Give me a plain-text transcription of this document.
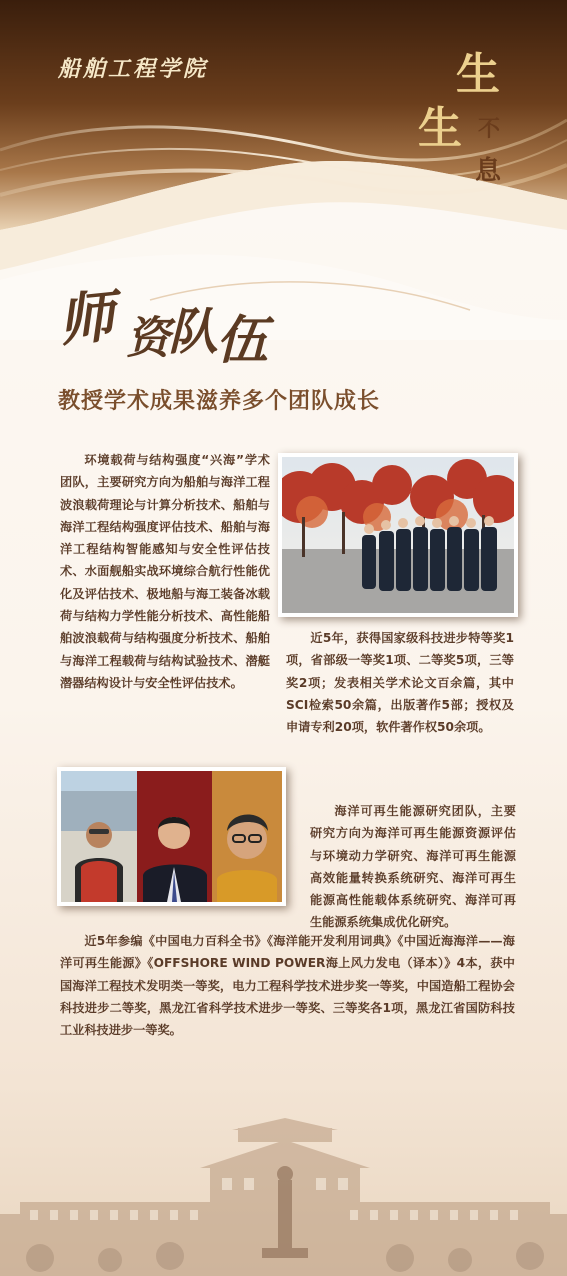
船舶工程学院	生
生 不
息
师 资
队
伍
教授学术成果滋养多个团队成长
环境载荷与结构强度“兴海”学术团队，主要研究方向为船舶与海洋工程波浪载荷理论与计算分析技术、船舶与海洋工程结构强度评估技术、船舶与海洋工程结构智能感知与安全性评估技术、水面舰船实战环境综合航行性能优化及评估技术、极地船与海工装备冰载荷与结构力学性能分析技术、高性能船舶波浪载荷与结构强度分析技术、船舶与海洋工程载荷与结构试验技术、潜艇潜器结构设计与安全性评估技术。
近5年，获得国家级科技进步特等奖1项，省部级一等奖1项、二等奖5项，三等奖2项；发表相关学术论文百余篇，其中SCI检索50余篇，出版著作5部；授权及申请专利20项，软件著作权50余项。
海洋可再生能源研究团队，主要研究方向为海洋可再生能源资源评估与环境动力学研究、海洋可再生能源高效能量转换系统研究、海洋可再生能源高性能载体系统研究、海洋可再生能源系统集成优化研究。
近5年参编《中国电力百科全书》《海洋能开发利用词典》《中国近海海洋——海洋可再生能源》《OFFSHORE WIND POWER海上风力发电（译本）》4本，获中国海洋工程技术发明类一等奖，电力工程科学技术进步奖一等奖，中国造船工程协会科技进步二等奖，黑龙江省科学技术进步一等奖、三等奖各1项，黑龙江省国防科技工业科技进步一等奖。
